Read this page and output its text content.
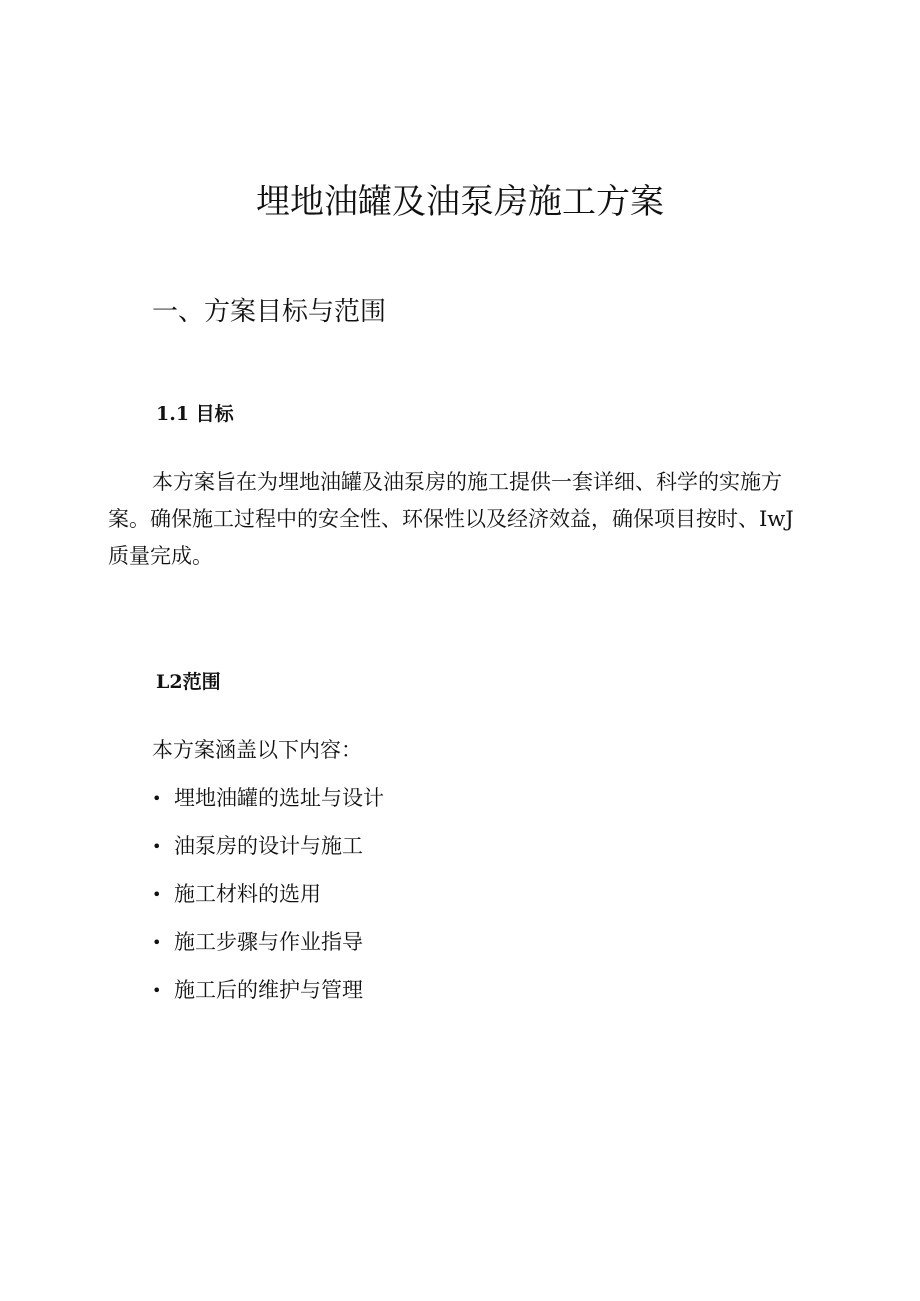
埋地油罐及油泵房施工方案
一、方案目标与范围
1.1 目标

本方案旨在为埋地油罐及油泵房的施工提供一套详细、科学的实施方案。确保施工过程中的安全性、环保性以及经济效益，确保项目按时、IwJ质量完成。

L2范围

本方案涵盖以下内容：

• 埋地油罐的选址与设计
• 油泵房的设计与施工
• 施工材料的选用
• 施工步骤与作业指导
• 施工后的维护与管理
